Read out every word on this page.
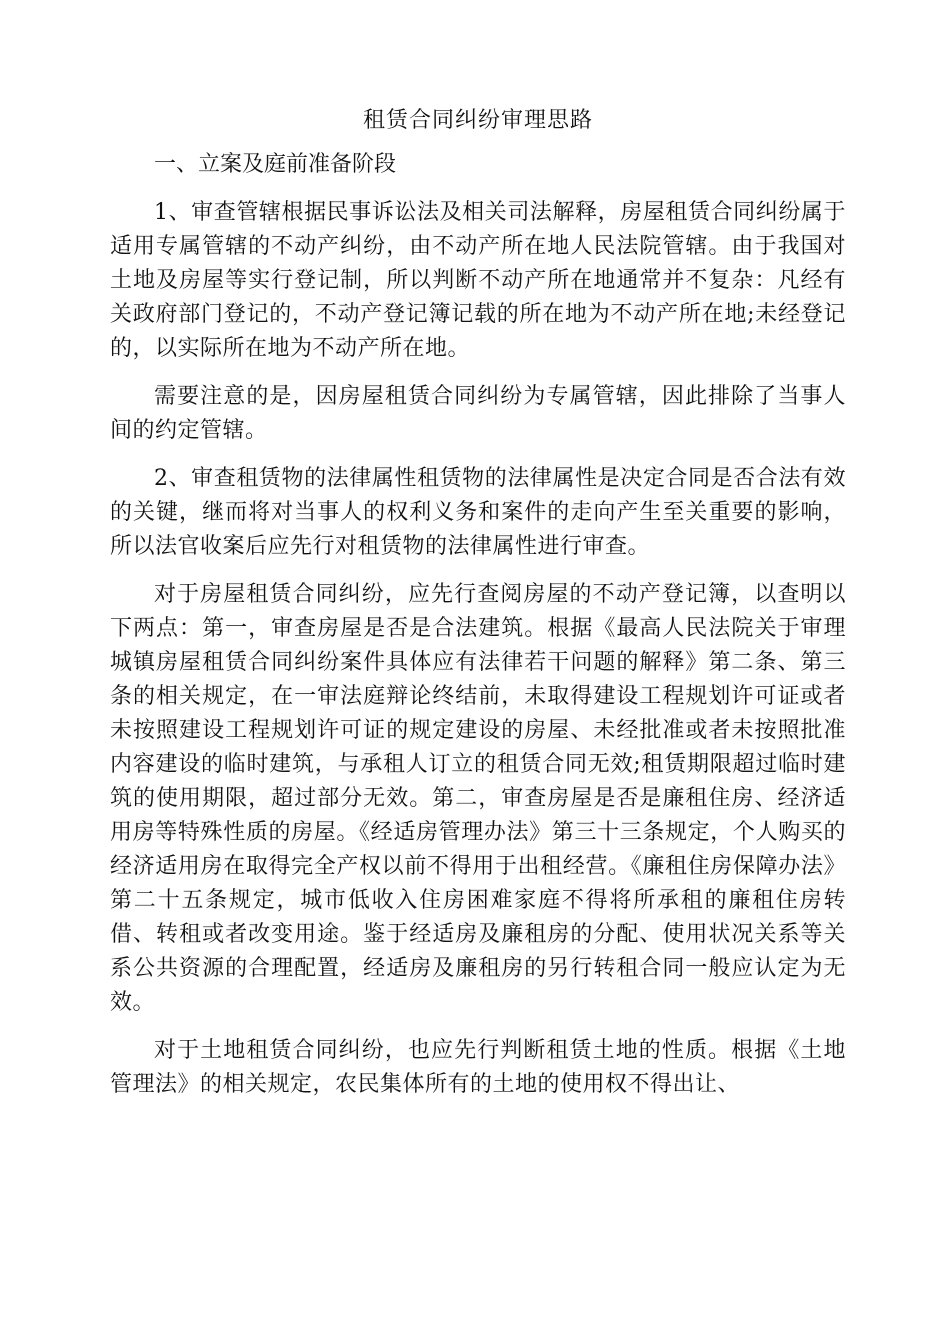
租赁合同纠纷审理思路
一、立案及庭前准备阶段

1、审查管辖根据民事诉讼法及相关司法解释，房屋租赁合同纠纷属于适用专属管辖的不动产纠纷，由不动产所在地人民法院管辖。由于我国对土地及房屋等实行登记制，所以判断不动产所在地通常并不复杂：凡经有关政府部门登记的，不动产登记簿记载的所在地为不动产所在地;未经登记的，以实际所在地为不动产所在地。

需要注意的是，因房屋租赁合同纠纷为专属管辖，因此排除了当事人间的约定管辖。

2、审查租赁物的法律属性租赁物的法律属性是决定合同是否合法有效的关键，继而将对当事人的权利义务和案件的走向产生至关重要的影响，所以法官收案后应先行对租赁物的法律属性进行审查。

对于房屋租赁合同纠纷，应先行查阅房屋的不动产登记簿，以查明以下两点：第一，审查房屋是否是合法建筑。根据《最高人民法院关于审理城镇房屋租赁合同纠纷案件具体应有法律若干问题的解释》第二条、第三条的相关规定，在一审法庭辩论终结前，未取得建设工程规划许可证或者未按照建设工程规划许可证的规定建设的房屋、未经批准或者未按照批准内容建设的临时建筑，与承租人订立的租赁合同无效;租赁期限超过临时建筑的使用期限，超过部分无效。第二，审查房屋是否是廉租住房、经济适用房等特殊性质的房屋。《经适房管理办法》第三十三条规定，个人购买的经济适用房在取得完全产权以前不得用于出租经营。《廉租住房保障办法》第二十五条规定，城市低收入住房困难家庭不得将所承租的廉租住房转借、转租或者改变用途。鉴于经适房及廉租房的分配、使用状况关系等关系公共资源的合理配置，经适房及廉租房的另行转租合同一般应认定为无效。

对于土地租赁合同纠纷，也应先行判断租赁土地的性质。根据《土地管理法》的相关规定，农民集体所有的土地的使用权不得出让、
